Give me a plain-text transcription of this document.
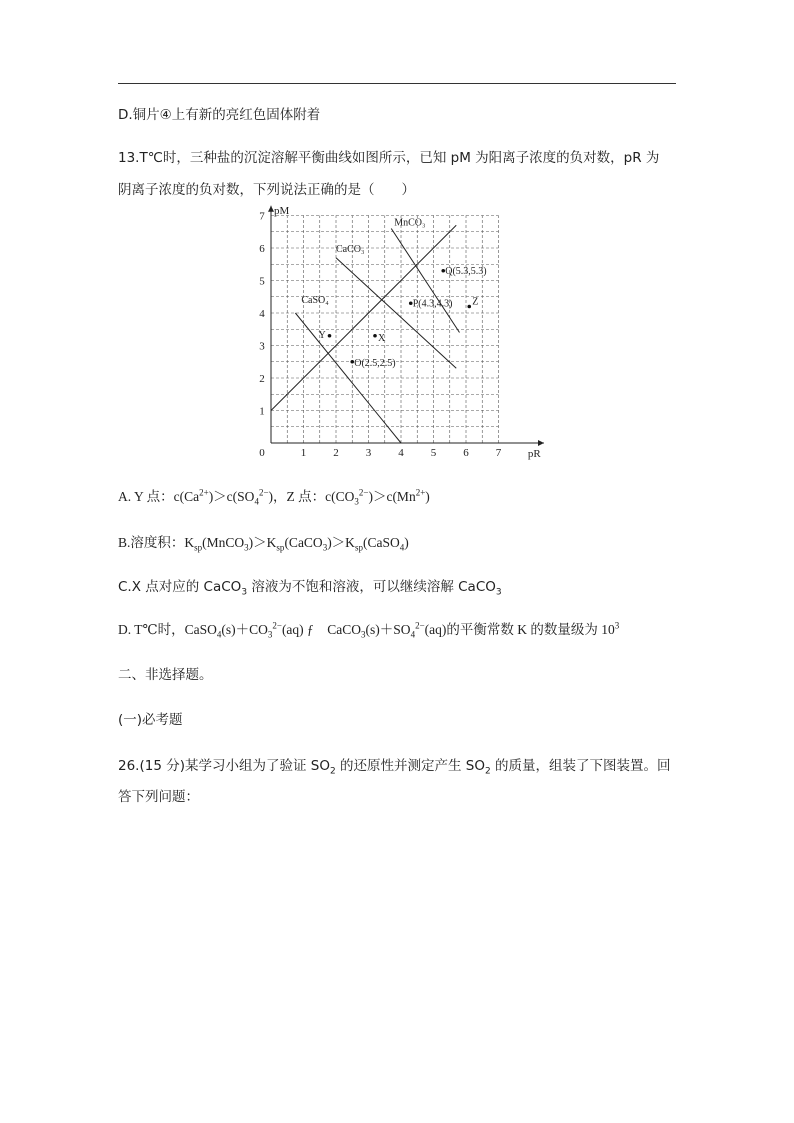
D.铜片④上有新的亮红色固体附着
13.T℃时，三种盐的沉淀溶解平衡曲线如图所示，已知 pM 为阳离子浓度的负对数，pR 为
阴离子浓度的负对数，下列说法正确的是（　　）
0	1 2 3 4 5 6 7
1
2
3
4
5
6
7
pR
pM
CaSO₄
CaCO₃
MnCO₃
O(2.5,2.5)
P(4.3,4.3)
Q(5.3,5.3)
Y	X
Z
A. Y 点：$c(Ca^{2+})>c(SO_4^{2-})$，Z 点：$c(CO_3^{2-})>c(Mn^{2+})$
B.溶度积：$K_{sp}(MnCO_3)>K_{sp}(CaCO_3)>K_{sp}(CaSO_4)$
C.X 点对应的 CaCO$_3$ 溶液为不饱和溶液，可以继续溶解 CaCO$_3$
D. T℃时，$CaSO_4(s)+CO_3^{2-}(aq)$ ƒ　$CaCO_3(s)+SO_4^{2-}(aq)$的平衡常数 K 的数量级为 $10^3$
二、非选择题。
(一)必考题
26.(15 分)某学习小组为了验证 $SO_2$ 的还原性并测定产生 $SO_2$ 的质量，组装了下图装置。回
答下列问题：
